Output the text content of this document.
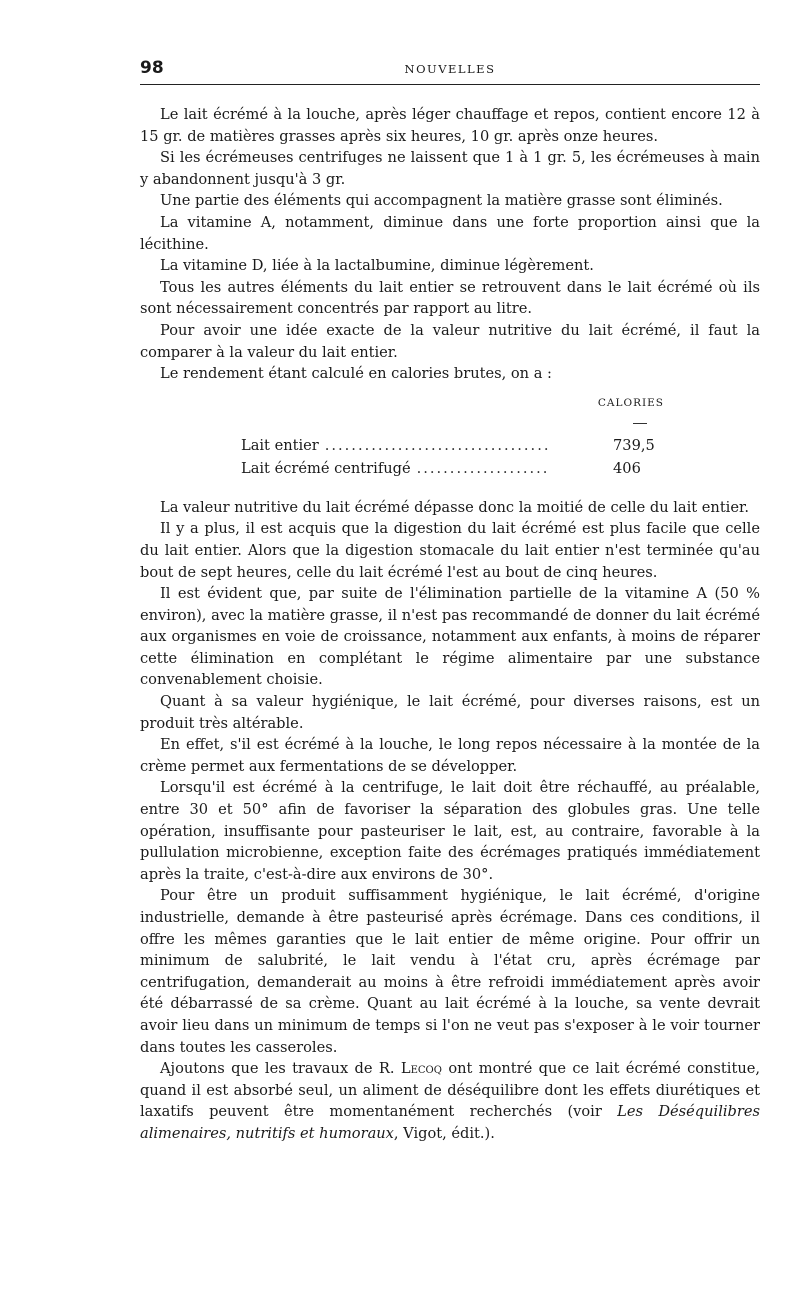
98	NOUVELLES

Le lait écrémé à la louche, après léger chauffage et repos, contient encore 12 à 15 gr. de matières grasses après six heures, 10 gr. après onze heures.

Si les écrémeuses centrifuges ne laissent que 1 à 1 gr. 5, les écrémeuses à main y abandonnent jusqu'à 3 gr.

Une partie des éléments qui accompagnent la matière grasse sont éliminés.

La vitamine A, notamment, diminue dans une forte proportion ainsi que la lécithine.

La vitamine D, liée à la lactalbumine, diminue légèrement.

Tous les autres éléments du lait entier se retrouvent dans le lait écrémé où ils sont nécessairement concentrés par rapport au litre.

Pour avoir une idée exacte de la valeur nutritive du lait écrémé, il faut la comparer à la valeur du lait entier.

Le rendement étant calculé en calories brutes, on a :

CALORIES
Lait entier ..................................	739,5
Lait écrémé centrifugé ....................	406

La valeur nutritive du lait écrémé dépasse donc la moitié de celle du lait entier.

Il y a plus, il est acquis que la digestion du lait écrémé est plus facile que celle du lait entier. Alors que la digestion stomacale du lait entier n'est terminée qu'au bout de sept heures, celle du lait écrémé l'est au bout de cinq heures.

Il est évident que, par suite de l'élimination partielle de la vitamine A (50 % environ), avec la matière grasse, il n'est pas recommandé de donner du lait écrémé aux organismes en voie de croissance, notamment aux enfants, à moins de réparer cette élimination en complétant le régime alimentaire par une substance convenablement choisie.

Quant à sa valeur hygiénique, le lait écrémé, pour diverses raisons, est un produit très altérable.

En effet, s'il est écrémé à la louche, le long repos nécessaire à la montée de la crème permet aux fermentations de se développer.

Lorsqu'il est écrémé à la centrifuge, le lait doit être réchauffé, au préalable, entre 30 et 50° afin de favoriser la séparation des globules gras. Une telle opération, insuffisante pour pasteuriser le lait, est, au contraire, favorable à la pullulation microbienne, exception faite des écrémages pratiqués immédiatement après la traite, c'est-à-dire aux environs de 30°.

Pour être un produit suffisamment hygiénique, le lait écrémé, d'origine industrielle, demande à être pasteurisé après écrémage. Dans ces conditions, il offre les mêmes garanties que le lait entier de même origine. Pour offrir un minimum de salubrité, le lait vendu à l'état cru, après écrémage par centrifugation, demanderait au moins à être refroidi immédiatement après avoir été débarrassé de sa crème. Quant au lait écrémé à la louche, sa vente devrait avoir lieu dans un minimum de temps si l'on ne veut pas s'exposer à le voir tourner dans toutes les casseroles.

Ajoutons que les travaux de R. Lecoq ont montré que ce lait écrémé constitue, quand il est absorbé seul, un aliment de déséquilibre dont les effets diurétiques et laxatifs peuvent être momentanément recherchés (voir Les Déséquilibres alimenaires, nutritifs et humoraux, Vigot, édit.).
